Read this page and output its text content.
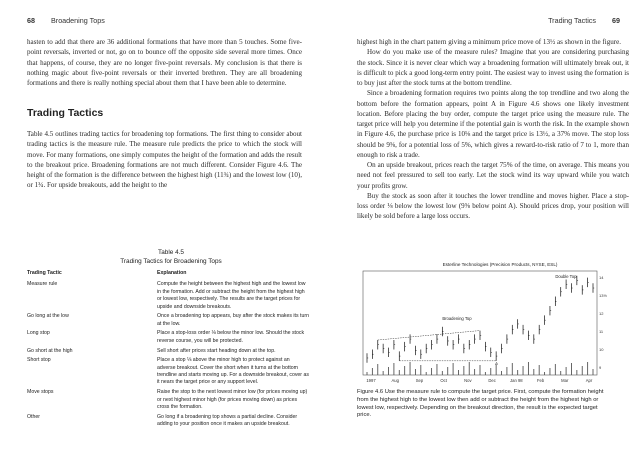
68 Broadening Tops

hasten to add that there are 36 additional formations that have more than 5 touches. Some five-point reversals, inverted or not, go on to bounce off the opposite side several more times. Once that happens, of course, they are no longer five-point reversals. My conclusion is that there is nothing magic about five-point reversals or their inverted brethren. They are all broadening formations and there is really nothing special about them that I have been able to determine.

Trading Tactics

Table 4.5 outlines trading tactics for broadening top formations. The first thing to consider about trading tactics is the measure rule. The measure rule predicts the price to which the stock will move. For many formations, one simply computes the height of the formation and adds the result to the breakout price. Broadening formations are not much different. Consider Figure 4.6. The height of the formation is the difference between the highest high (11¾) and the lowest low (10), or 1¾. For upside breakouts, add the height to the

Table 4.5
Trading Tactics for Broadening Tops
Trading Tactic	Explanation
Measure rule	Compute the height between the highest high and the lowest low in the formation. Add or subtract the height from the highest high or lowest low, respectively. The results are the target prices for upside and downside breakouts.
Go long at the low	Once a broadening top appears, buy after the stock makes its turn at the low.
Long stop	Place a stop-loss order ⅛ below the minor low. Should the stock reverse course, you will be protected.
Go short at the high	Sell short after prices start heading down at the top.
Short stop	Place a stop ⅛ above the minor high to protect against an adverse breakout. Cover the short when it turns at the bottom trendline and starts moving up. For a downside breakout, cover as it nears the target price or any support level.
Move stops	Raise the stop to the next lowest minor low (for prices moving up) or next highest minor high (for prices moving down) as prices cross the formation.
Other	Go long if a broadening top shows a partial decline. Consider adding to your position once it makes an upside breakout.
Trading Tactics 69

highest high in the chart pattern giving a minimum price move of 13½ as shown in the figure.

How do you make use of the measure rules? Imagine that you are considering purchasing the stock. Since it is never clear which way a broadening formation will ultimately break out, it is difficult to pick a good long-term entry point. The easiest way to invest using the formation is to buy just after the stock turns at the bottom trendline.

Since a broadening formation requires two points along the top trendline and two along the bottom before the formation appears, point A in Figure 4.6 shows one likely investment location. Before placing the buy order, compute the target price using the measure rule. The target price will help you determine if the potential gain is worth the risk. In the example shown in Figure 4.6, the purchase price is 10⅛ and the target price is 13½, a 37% move. The stop loss should be 9⅝, for a potential loss of 5%, which gives a reward-to-risk ratio of 7 to 1, more than enough to risk a trade.

On an upside breakout, prices reach the target 75% of the time, on average. This means you need not feel pressured to sell too early. Let the stock wind its way upward while you watch your profits grow.

Buy the stock as soon after it touches the lower trendline and moves higher. Place a stop-loss order ⅛ below the lowest low (9⅝ below point A). Should prices drop, your position will likely be sold before a large loss occurs.

Esterline Technologies (Precision Products, NYSE, ESL)
14
13½
12
11
10
9
1997	Aug	Sep	Oct	Nov	Dec	Jan 98	Feb	Mar	Apr
Double Top
Broadening Top
A
Figure 4.6 Use the measure rule to compute the target price. First, compute the formation height from the highest high to the lowest low then add or subtract the height from the highest high or lowest low, respectively. Depending on the breakout direction, the result is the expected target price.
